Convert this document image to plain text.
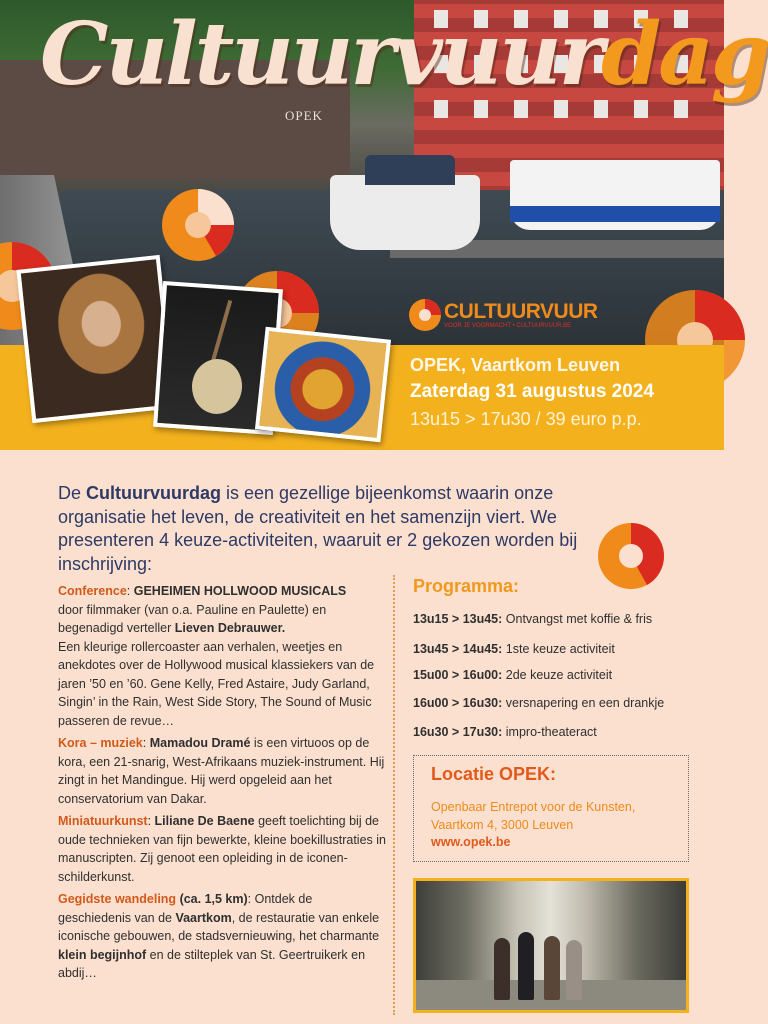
OPEK
Cultuurvuurdag
CULTUURVUUR
VOOR JE VOORMACHT • CULTUURVUUR.BE
OPEK, Vaartkom Leuven
Zaterdag 31 augustus 2024
13u15 > 17u30 / 39 euro p.p.
De Cultuurvuurdag is een gezellige bijeenkomst waarin onze organisatie het leven, de creativiteit en het samenzijn viert. We presenteren 4 keuze-activiteiten, waaruit er 2 gekozen worden bij inschrijving:

Conference: GEHEIMEN HOLLWOOD MUSICALS
door filmmaker (van o.a. Pauline en Paulette) en begenadigd verteller Lieven Debrauwer.
Een kleurige rollercoaster aan verhalen, weetjes en anekdotes over de Hollywood musical klassiekers van de jaren ’50 en ’60. Gene Kelly, Fred Astaire, Judy Garland, Singin’ in the Rain, West Side Story, The Sound of Music passeren de revue…

Kora – muziek: Mamadou Dramé is een virtuoos op de kora, een 21-snarig, West-Afrikaans muziek-instrument. Hij zingt in het Mandingue. Hij werd opgeleid aan het conservatorium van Dakar.

Miniatuurkunst: Liliane De Baene geeft toelichting bij de oude technieken van fijn bewerkte, kleine boekillustraties in manuscripten. Zij genoot een opleiding in de iconen-schilderkunst.

Gegidste wandeling (ca. 1,5 km): Ontdek de geschiedenis van de Vaartkom, de restauratie van enkele iconische gebouwen, de stadsvernieuwing, het charmante klein begijnhof en de stilteplek van St. Geertruikerk en abdij…

Programma:
13u15 > 13u45: Ontvangst met koffie & fris
13u45 > 14u45: 1ste keuze activiteit
15u00 > 16u00: 2de keuze activiteit
16u00 > 16u30: versnapering en een drankje
16u30 > 17u30: impro-theateract
Locatie OPEK:
Openbaar Entrepot voor de Kunsten,
Vaartkom 4, 3000 Leuven
www.opek.be
